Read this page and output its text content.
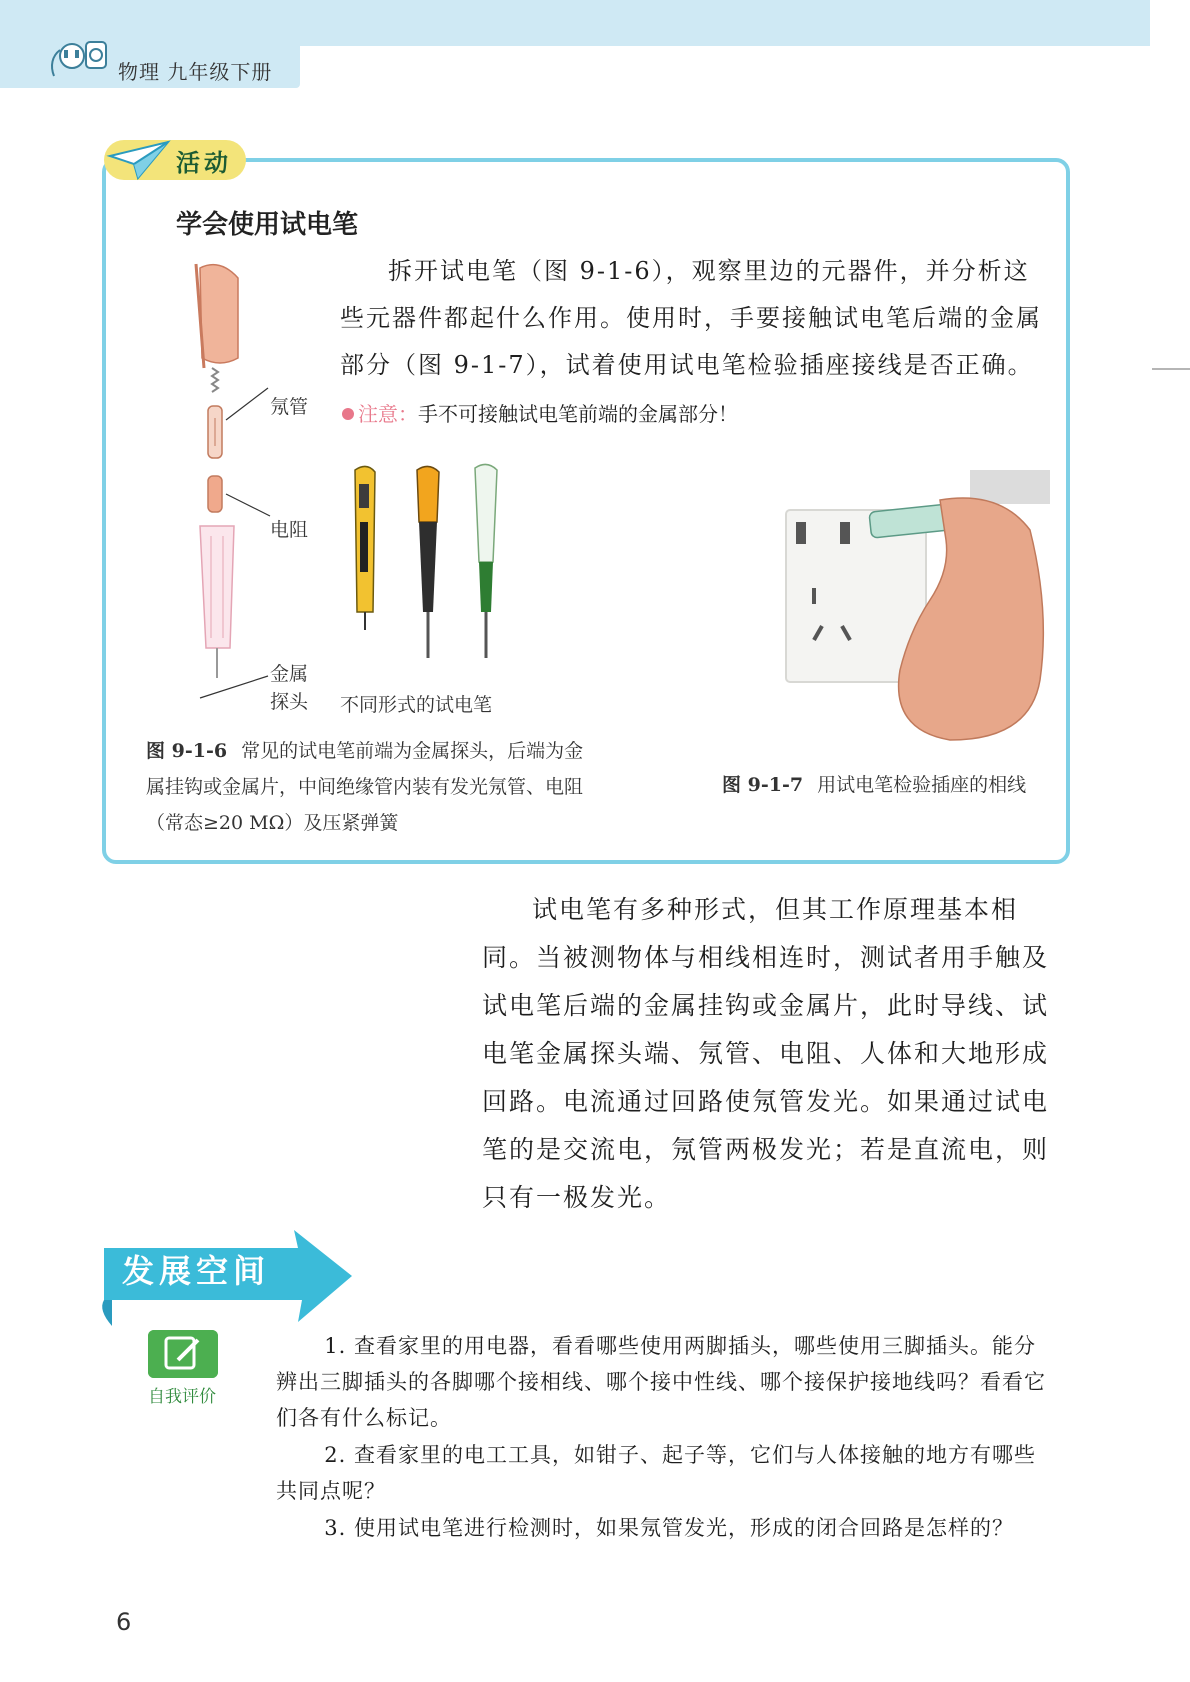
物理 九年级下册
活动
学会使用试电笔

拆开试电笔（图 9-1-6），观察里边的元器件，并分析这些元器件都起什么作用。使用时，手要接触试电笔后端的金属部分（图 9-1-7），试着使用试电笔检验插座接线是否正确。

注意：手不可接触试电笔前端的金属部分！
氖管
电阻
金属探头	不同形式的试电笔
图 9-1-6 常见的试电笔前端为金属探头，后端为金属挂钩或金属片，中间绝缘管内装有发光氖管、电阻（常态≥20 MΩ）及压紧弹簧
图 9-1-7 用试电笔检验插座的相线

试电笔有多种形式，但其工作原理基本相同。当被测物体与相线相连时，测试者用手触及试电笔后端的金属挂钩或金属片，此时导线、试电笔金属探头端、氖管、电阻、人体和大地形成回路。电流通过回路使氖管发光。如果通过试电笔的是交流电，氖管两极发光；若是直流电，则只有一极发光。

发展空间
自我评价
1. 查看家里的用电器，看看哪些使用两脚插头，哪些使用三脚插头。能分辨出三脚插头的各脚哪个接相线、哪个接中性线、哪个接保护接地线吗？看看它们各有什么标记。
2. 查看家里的电工工具，如钳子、起子等，它们与人体接触的地方有哪些共同点呢？
3. 使用试电笔进行检测时，如果氖管发光，形成的闭合回路是怎样的？
6
